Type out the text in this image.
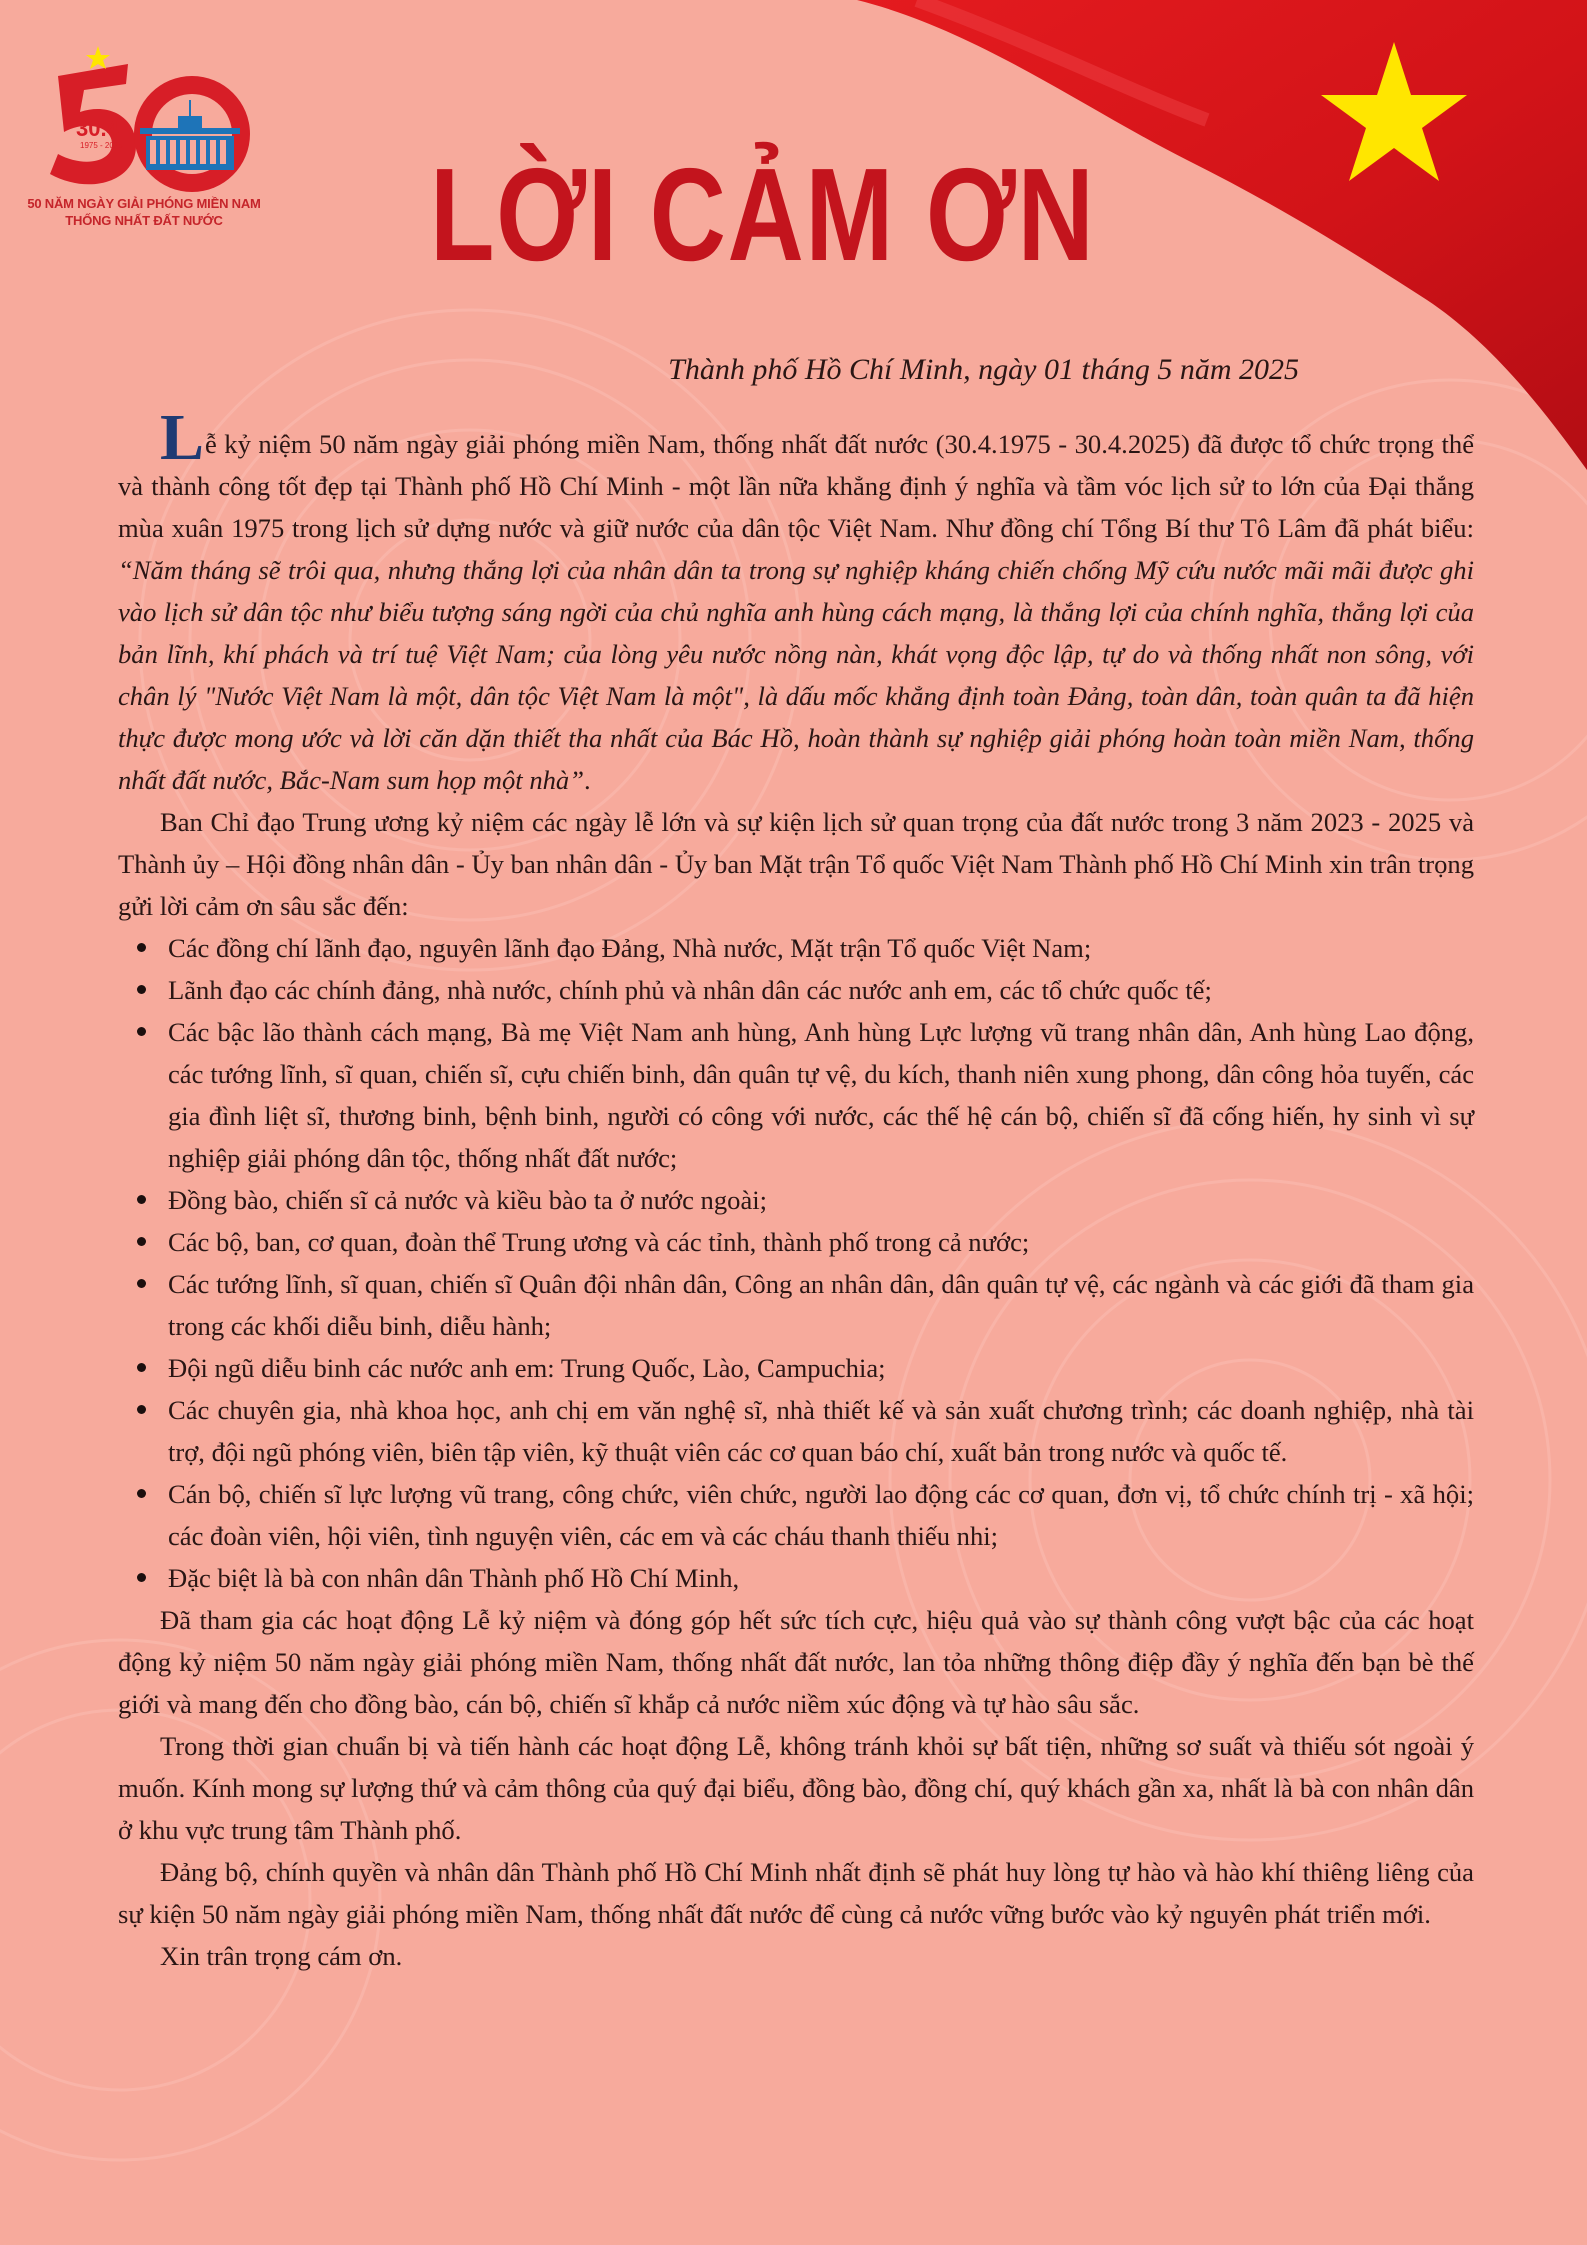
30.4
1975 - 2025
50 NĂM NGÀY GIẢI PHÓNG MIỀN NAM
THỐNG NHẤT ĐẤT NƯỚC	LỜI CẢM ƠN

Thành phố Hồ Chí Minh, ngày 01 tháng 5 năm 2025

Lễ kỷ niệm 50 năm ngày giải phóng miền Nam, thống nhất đất nước (30.4.1975 - 30.4.2025) đã được tổ chức trọng thể và thành công tốt đẹp tại Thành phố Hồ Chí Minh - một lần nữa khẳng định ý nghĩa và tầm vóc lịch sử to lớn của Đại thắng mùa xuân 1975 trong lịch sử dựng nước và giữ nước của dân tộc Việt Nam. Như đồng chí Tổng Bí thư Tô Lâm đã phát biểu: “Năm tháng sẽ trôi qua, nhưng thắng lợi của nhân dân ta trong sự nghiệp kháng chiến chống Mỹ cứu nước mãi mãi được ghi vào lịch sử dân tộc như biểu tượng sáng ngời của chủ nghĩa anh hùng cách mạng, là thắng lợi của chính nghĩa, thắng lợi của bản lĩnh, khí phách và trí tuệ Việt Nam; của lòng yêu nước nồng nàn, khát vọng độc lập, tự do và thống nhất non sông, với chân lý "Nước Việt Nam là một, dân tộc Việt Nam là một", là dấu mốc khẳng định toàn Đảng, toàn dân, toàn quân ta đã hiện thực được mong ước và lời căn dặn thiết tha nhất của Bác Hồ, hoàn thành sự nghiệp giải phóng hoàn toàn miền Nam, thống nhất đất nước, Bắc-Nam sum họp một nhà”.

Ban Chỉ đạo Trung ương kỷ niệm các ngày lễ lớn và sự kiện lịch sử quan trọng của đất nước trong 3 năm 2023 - 2025 và Thành ủy – Hội đồng nhân dân - Ủy ban nhân dân - Ủy ban Mặt trận Tổ quốc Việt Nam Thành phố Hồ Chí Minh xin trân trọng gửi lời cảm ơn sâu sắc đến:

Các đồng chí lãnh đạo, nguyên lãnh đạo Đảng, Nhà nước, Mặt trận Tổ quốc Việt Nam;
Lãnh đạo các chính đảng, nhà nước, chính phủ và nhân dân các nước anh em, các tổ chức quốc tế;
Các bậc lão thành cách mạng, Bà mẹ Việt Nam anh hùng, Anh hùng Lực lượng vũ trang nhân dân, Anh hùng Lao động, các tướng lĩnh, sĩ quan, chiến sĩ, cựu chiến binh, dân quân tự vệ, du kích, thanh niên xung phong, dân công hỏa tuyến, các gia đình liệt sĩ, thương binh, bệnh binh, người có công với nước, các thế hệ cán bộ, chiến sĩ đã cống hiến, hy sinh vì sự nghiệp giải phóng dân tộc, thống nhất đất nước;
Đồng bào, chiến sĩ cả nước và kiều bào ta ở nước ngoài;
Các bộ, ban, cơ quan, đoàn thể Trung ương và các tỉnh, thành phố trong cả nước;
Các tướng lĩnh, sĩ quan, chiến sĩ Quân đội nhân dân, Công an nhân dân, dân quân tự vệ, các ngành và các giới đã tham gia trong các khối diễu binh, diễu hành;
Đội ngũ diễu binh các nước anh em: Trung Quốc, Lào, Campuchia;
Các chuyên gia, nhà khoa học, anh chị em văn nghệ sĩ, nhà thiết kế và sản xuất chương trình; các doanh nghiệp, nhà tài trợ, đội ngũ phóng viên, biên tập viên, kỹ thuật viên các cơ quan báo chí, xuất bản trong nước và quốc tế.
Cán bộ, chiến sĩ lực lượng vũ trang, công chức, viên chức, người lao động các cơ quan, đơn vị, tổ chức chính trị - xã hội; các đoàn viên, hội viên, tình nguyện viên, các em và các cháu thanh thiếu nhi;
Đặc biệt là bà con nhân dân Thành phố Hồ Chí Minh,

Đã tham gia các hoạt động Lễ kỷ niệm và đóng góp hết sức tích cực, hiệu quả vào sự thành công vượt bậc của các hoạt động kỷ niệm 50 năm ngày giải phóng miền Nam, thống nhất đất nước, lan tỏa những thông điệp đầy ý nghĩa đến bạn bè thế giới và mang đến cho đồng bào, cán bộ, chiến sĩ khắp cả nước niềm xúc động và tự hào sâu sắc.

Trong thời gian chuẩn bị và tiến hành các hoạt động Lễ, không tránh khỏi sự bất tiện, những sơ suất và thiếu sót ngoài ý muốn. Kính mong sự lượng thứ và cảm thông của quý đại biểu, đồng bào, đồng chí, quý khách gần xa, nhất là bà con nhân dân ở khu vực trung tâm Thành phố.

Đảng bộ, chính quyền và nhân dân Thành phố Hồ Chí Minh nhất định sẽ phát huy lòng tự hào và hào khí thiêng liêng của sự kiện 50 năm ngày giải phóng miền Nam, thống nhất đất nước để cùng cả nước vững bước vào kỷ nguyên phát triển mới.

Xin trân trọng cám ơn.
